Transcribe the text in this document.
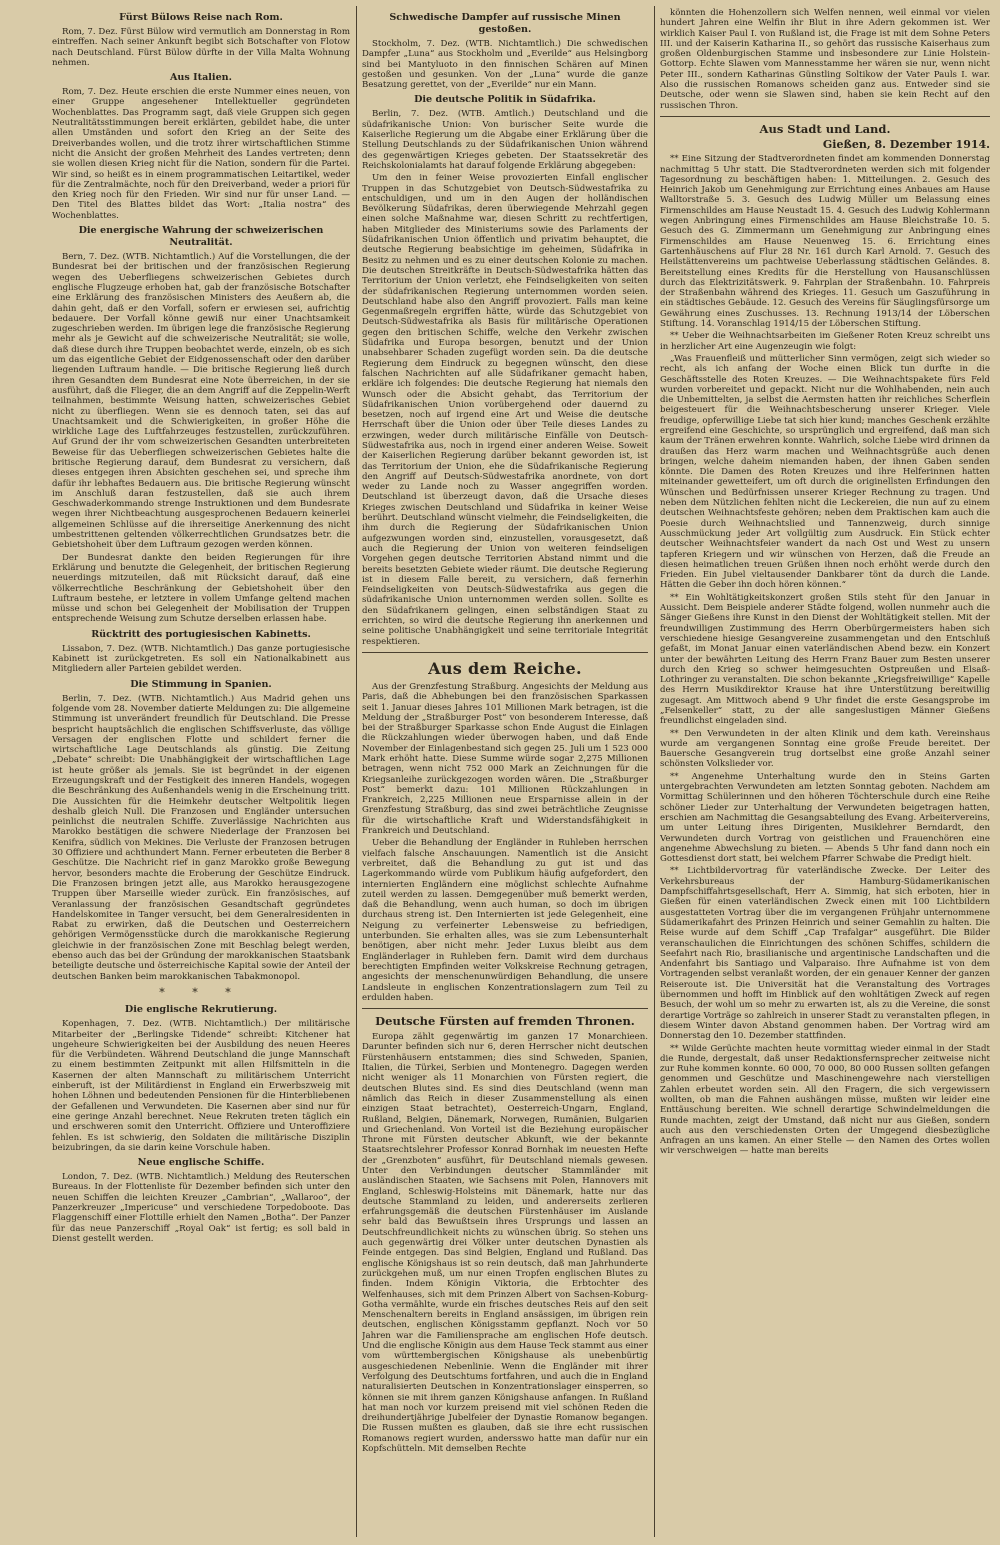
Fürst Bülows Reise nach Rom.

Rom, 7. Dez. Fürst Bülow wird vermutlich am Donnerstag in Rom eintreffen. Nach seiner Ankunft begibt sich Botschafter von Flotow nach Deutschland. Fürst Bülow dürfte in der Villa Malta Wohnung nehmen.

Aus Italien.

Rom, 7. Dez. Heute erschien die erste Nummer eines neuen, von einer Gruppe angesehener Intellektueller gegründeten Wochenblattes. Das Programm sagt, daß viele Gruppen sich gegen Neutralitätsstimmungen bereit erklärten, gebildet habe, die unter allen Umständen und sofort den Krieg an der Seite des Dreiverbandes wollen, und die trotz ihrer wirtschaftlichen Stimme nicht die Ansicht der großen Mehrheit des Landes vertreten; denn sie wollen diesen Krieg nicht für die Nation, sondern für die Partei. Wir sind, so heißt es in einem programmatischen Leitartikel, weder für die Zentralmächte, noch für den Dreiverband, weder a priori für den Krieg noch für den Frieden. Wir sind nur für unser Land. — Den Titel des Blattes bildet das Wort: „Italia nostra“ des Wochenblattes.

Die energische Wahrung der schweizerischen Neutralität.

Bern, 7. Dez. (WTB. Nichtamtlich.) Auf die Vorstellungen, die der Bundesrat bei der britischen und der französischen Regierung wegen des Ueberfliegens schweizerischen Gebietes durch englische Flugzeuge erhoben hat, gab der französische Botschafter eine Erklärung des französischen Ministers des Aeußern ab, die dahin geht, daß er den Vorfall, sofern er erwiesen sei, aufrichtig bedauere. Der Vorfall könne gewiß nur einer Unachtsamkeit zugeschrieben werden. Im übrigen lege die französische Regierung mehr als je Gewicht auf die schweizerische Neutralität; sie wolle, daß diese durch ihre Truppen beobachtet werde, einzeln, ob es sich um das eigentliche Gebiet der Eidgenossenschaft oder den darüber liegenden Luftraum handle. — Die britische Regierung ließ durch ihren Gesandten dem Bundesrat eine Note überreichen, in der sie ausführt, daß die Flieger, die an dem Angriff auf die Zeppelin-Werft teilnahmen, bestimmte Weisung hatten, schweizerisches Gebiet nicht zu überfliegen. Wenn sie es dennoch taten, sei das auf Unachtsamkeit und die Schwierigkeiten, in großer Höhe die wirkliche Lage des Luftfahrzeuges festzustellen, zurückzuführen. Auf Grund der ihr vom schweizerischen Gesandten unterbreiteten Beweise für das Ueberfliegen schweizerischen Gebietes halte die britische Regierung darauf, dem Bundesrat zu versichern, daß dieses entgegen ihren Absichten geschehen sei, und spreche ihm dafür ihr lebhaftes Bedauern aus. Die britische Regierung wünscht im Anschluß daran festzustellen, daß sie auch ihrem Geschwaderkommando strenge Instruktionen und dem Bundesrate wegen ihrer Nichtbeachtung ausgesprochenen Bedauern keinerlei allgemeinen Schlüsse auf die ihrerseitige Anerkennung des nicht umbestrittenen geltenden völkerrechtlichen Grundsatzes betr. die Gebietshoheit über dem Luftraum gezogen werden können.

Der Bundesrat dankte den beiden Regierungen für ihre Erklärung und benutzte die Gelegenheit, der britischen Regierung neuerdings mitzuteilen, daß mit Rücksicht darauf, daß eine völkerrechtliche Beschränkung der Gebietshoheit über den Luftraum bestehe, er letztere in vollem Umfange geltend machen müsse und schon bei Gelegenheit der Mobilisation der Truppen entsprechende Weisung zum Schutze derselben erlassen habe.

Rücktritt des portugiesischen Kabinetts.

Lissabon, 7. Dez. (WTB. Nichtamtlich.) Das ganze portugiesische Kabinett ist zurückgetreten. Es soll ein Nationalkabinett aus Mitgliedern aller Parteien gebildet werden.

Die Stimmung in Spanien.

Berlin, 7. Dez. (WTB. Nichtamtlich.) Aus Madrid gehen uns folgende vom 28. November datierte Meldungen zu: Die allgemeine Stimmung ist unverändert freundlich für Deutschland. Die Presse bespricht hauptsächlich die englischen Schiffsverluste, das völlige Versagen der englischen Flotte und schildert ferner die wirtschaftliche Lage Deutschlands als günstig. Die Zeitung „Debate“ schreibt: Die Unabhängigkeit der wirtschaftlichen Lage ist heute größer als jemals. Sie ist begründet in der eigenen Erzeugungskraft und der Festigkeit des inneren Handels, wogegen die Beschränkung des Außenhandels wenig in die Erscheinung tritt. Die Aussichten für die Heimkehr deutscher Weltpolitik liegen deshalb gleich Null. Die Franzosen und Engländer untersuchen peinlichst die neutralen Schiffe. Zuverlässige Nachrichten aus Marokko bestätigen die schwere Niederlage der Franzosen bei Kenifra, südlich von Mekines. Die Verluste der Franzosen betrugen 30 Offiziere und achthundert Mann. Ferner erbeuteten die Berber 8 Geschütze. Die Nachricht rief in ganz Marokko große Bewegung hervor, besonders machte die Eroberung der Geschütze Eindruck. Die Franzosen bringen jetzt alle, aus Marokko herausgezogene Truppen über Marseille wieder zurück. Ein französisches, auf Veranlassung der französischen Gesandtschaft gegründetes Handelskomitee in Tanger versucht, bei dem Generalresidenten in Rabat zu erwirken, daß die Deutschen und Oesterreichern gehörigen Vermögensstücke durch die marokkanische Regierung gleichwie in der französischen Zone mit Beschlag belegt werden, ebenso auch das bei der Gründung der marokkanischen Staatsbank beteiligte deutsche und österreichische Kapital sowie der Anteil der deutschen Banken beim marokkanischen Tabakmonopol.

* * *
Die englische Rekrutierung.

Kopenhagen, 7. Dez. (WTB. Nichtamtlich.) Der militärische Mitarbeiter der „Berlingske Tidende“ schreibt: Kitchener hat ungeheure Schwierigkeiten bei der Ausbildung des neuen Heeres für die Verbündeten. Während Deutschland die junge Mannschaft zu einem bestimmten Zeitpunkt mit allen Hilfsmitteln in die Kasernen der alten Mannschaft zu militärischem Unterricht einberuft, ist der Militärdienst in England ein Erwerbszweig mit hohen Löhnen und bedeutenden Pensionen für die Hinterbliebenen der Gefallenen und Verwundeten. Die Kasernen aber sind nur für eine geringe Anzahl berechnet. Neue Rekruten treten täglich ein und erschweren somit den Unterricht. Offiziere und Unteroffiziere fehlen. Es ist schwierig, den Soldaten die militärische Disziplin beizubringen, da sie darin keine Vorschule haben.

Neue englische Schiffe.

London, 7. Dez. (WTB. Nichtamtlich.) Meldung des Reuterschen Bureaus. In der Flottenliste für Dezember befinden sich unter den neuen Schiffen die leichten Kreuzer „Cambrian“, „Wallaroo“, der Panzerkreuzer „Impericuse“ und verschiedene Torpedoboote. Das Flaggenschiff einer Flottille erhielt den Namen „Botha“. Der Panzer für das neue Panzerschiff „Royal Oak“ ist fertig; es soll bald in Dienst gestellt werden.

Schwedische Dampfer auf russische Minen gestoßen.

Stockholm, 7. Dez. (WTB. Nichtamtlich.) Die schwedischen Dampfer „Luna“ aus Stockholm und „Everilde“ aus Helsingborg sind bei Mantyluoto in den finnischen Schären auf Minen gestoßen und gesunken. Von der „Luna“ wurde die ganze Besatzung gerettet, von der „Everilde“ nur ein Mann.

Die deutsche Politik in Südafrika.

Berlin, 7. Dez. (WTB. Amtlich.) Deutschland und die südafrikanische Union: Von burischer Seite wurde die Kaiserliche Regierung um die Abgabe einer Erklärung über die Stellung Deutschlands zu der Südafrikanischen Union während des gegenwärtigen Krieges gebeten. Der Staatssekretär des Reichskolonialamts hat darauf folgende Erklärung abgegeben:

Um den in feiner Weise provozierten Einfall englischer Truppen in das Schutzgebiet von Deutsch-Südwestafrika zu entschuldigen, und um in den Augen der holländischen Bevölkerung Südafrikas, deren überwiegende Mehrzahl gegen einen solche Maßnahme war, diesen Schritt zu rechtfertigen, haben Mitglieder des Ministeriums sowie des Parlaments der Südafrikanischen Union öffentlich und privatim behauptet, die deutsche Regierung beabsichtige im geheimen, Südafrika in Besitz zu nehmen und es zu einer deutschen Kolonie zu machen. Die deutschen Streitkräfte in Deutsch-Südwestafrika hätten das Territorium der Union verletzt, ehe Feindseligkeiten von seiten der südafrikanischen Regierung unternommen worden seien. Deutschland habe also den Angriff provoziert. Falls man keine Gegenmaßregeln ergriffen hätte, würde das Schutzgebiet von Deutsch-Südwestafrika als Basis für militärische Operationen gegen den britischen Schiffe, welche den Verkehr zwischen Südafrika und Europa besorgen, benutzt und der Union unabsehbarer Schaden zugefügt worden sein. Da die deutsche Regierung dem Eindruck zu begegnen wünscht, den diese falschen Nachrichten auf alle Südafrikaner gemacht haben, erkläre ich folgendes: Die deutsche Regierung hat niemals den Wunsch oder die Absicht gehabt, das Territorium der Südafrikanischen Union vorübergehend oder dauernd zu besetzen, noch auf irgend eine Art und Weise die deutsche Herrschaft über die Union oder über Teile dieses Landes zu erzwingen, weder durch militärische Einfälle von Deutsch-Südwestafrika aus, noch in irgend einer anderen Weise. Soweit der Kaiserlichen Regierung darüber bekannt geworden ist, ist das Territorium der Union, ehe die Südafrikanische Regierung den Angriff auf Deutsch-Südwestafrika anordnete, von dort weder zu Lande noch zu Wasser angegriffen worden. Deutschland ist überzeugt davon, daß die Ursache dieses Krieges zwischen Deutschland und Südafrika in keiner Weise berührt. Deutschland wünscht vielmehr, die Feindseligkeiten, die ihm durch die Regierung der Südafrikanischen Union aufgezwungen worden sind, einzustellen, vorausgesetzt, daß auch die Regierung der Union von weiteren feindseligen Vorgehen gegen deutsche Territorien Abstand nimmt und die bereits besetzten Gebiete wieder räumt. Die deutsche Regierung ist in diesem Falle bereit, zu versichern, daß fernerhin Feindseligkeiten von Deutsch-Südwestafrika aus gegen die südafrikanische Union unternommen werden sollen. Sollte es den Südafrikanern gelingen, einen selbständigen Staat zu errichten, so wird die deutsche Regierung ihn anerkennen und seine politische Unabhängigkeit und seine territoriale Integrität respektieren.

Aus dem Reiche.

Aus der Grenzfestung Straßburg. Angesichts der Meldung aus Paris, daß die Abhebungen bei den französischen Sparkassen seit 1. Januar dieses Jahres 101 Millionen Mark betragen, ist die Meldung der „Straßburger Post“ von besonderem Interesse, daß bei der Straßburger Sparkasse schon Ende August die Einlagen die Rückzahlungen wieder überwogen haben, und daß Ende November der Einlagenbestand sich gegen 25. Juli um 1 523 000 Mark erhöht hatte. Diese Summe würde sogar 2,275 Millionen betragen, wenn nicht 752 000 Mark an Zeichnungen für die Kriegsanleihe zurückgezogen worden wären. Die „Straßburger Post“ bemerkt dazu: 101 Millionen Rückzahlungen in Frankreich, 2,225 Millionen neue Ersparnisse allein in der Grenzfestung Straßburg, das sind zwei beträchtliche Zeugnisse für die wirtschaftliche Kraft und Widerstandsfähigkeit in Frankreich und Deutschland.

Ueber die Behandlung der Engländer in Ruhleben herrschen vielfach falsche Anschauungen. Namentlich ist die Ansicht verbreitet, daß die Behandlung zu gut ist und das Lagerkommando würde vom Publikum häufig aufgefordert, den internierten Engländern eine möglichst schlechte Aufnahme zuteil werden zu lassen. Demgegenüber muß bemerkt werden, daß die Behandlung, wenn auch human, so doch im übrigen durchaus streng ist. Den Internierten ist jede Gelegenheit, eine Neigung zu verfeinerter Lebensweise zu befriedigen, unterbunden. Sie erhalten alles, was sie zum Lebensunterhalt benötigen, aber nicht mehr. Jeder Luxus bleibt aus dem Engländerlager in Ruhleben fern. Damit wird dem durchaus berechtigten Empfinden weiter Volkskreise Rechnung getragen, angesichts der menschenunwürdigen Behandlung, die unsere Landsleute in englischen Konzentrationslagern zum Teil zu erdulden haben.

Deutsche Fürsten auf fremden Thronen.

Europa zählt gegenwärtig im ganzen 17 Monarchieen. Darunter befinden sich nur 6, deren Herrscher nicht deutschen Fürstenhäusern entstammen; dies sind Schweden, Spanien, Italien, die Türkei, Serbien und Montenegro. Dagegen werden nicht weniger als 11 Monarchien von Fürsten regiert, die deutschen Blutes sind. Es sind dies Deutschland (wenn man nämlich das Reich in dieser Zusammenstellung als einen einzigen Staat betrachtet), Oesterreich-Ungarn, England, Rußland, Belgien, Dänemark, Norwegen, Rumänien, Bulgarien und Griechenland. Von Vorteil ist die Beziehung europäischer Throne mit Fürsten deutscher Abkunft, wie der bekannte Staatsrechtslehrer Professor Konrad Bornhak im neuesten Hefte der „Grenzboten“ ausführt, für Deutschland niemals gewesen. Unter den Verbindungen deutscher Stammländer mit ausländischen Staaten, wie Sachsens mit Polen, Hannovers mit England, Schleswig-Holsteins mit Dänemark, hatte nur das deutsche Stammland zu leiden, und andererseits zerlieren erfahrungsgemäß die deutschen Fürstenhäuser im Auslande sehr bald das Bewußtsein ihres Ursprungs und lassen an Deutschfreundlichkeit nichts zu wünschen übrig. So stehen uns auch gegenwärtig drei Völker unter deutschen Dynastien als Feinde entgegen. Das sind Belgien, England und Rußland. Das englische Königshaus ist so rein deutsch, daß man Jahrhunderte zurückgehen muß, um nur einen Tropfen englischen Blutes zu finden. Indem Königin Viktoria, die Erbtochter des Welfenhauses, sich mit dem Prinzen Albert von Sachsen-Koburg-Gotha vermählte, wurde ein frisches deutsches Reis auf den seit Menschenaltern bereits in England ansässigen, im übrigen rein deutschen, englischen Königsstamm gepflanzt. Noch vor 50 Jahren war die Familiensprache am englischen Hofe deutsch. Und die englische Königin aus dem Hause Teck stammt aus einer vom württembergischen Königshause als unebenbürtig ausgeschiedenen Nebenlinie. Wenn die Engländer mit ihrer Verfolgung des Deutschtums fortfahren, und auch die in England naturalisierten Deutschen in Konzentrationslager einsperren, so können sie mit ihrem ganzen Königshause anfangen. In Rußland hat man noch vor kurzem preisend mit viel schönen Reden die dreihundertjährige Jubelfeier der Dynastie Romanow begangen. Die Russen mußten es glauben, daß sie ihre echt russischen Romanows regiert wurden, andersswo hatte man dafür nur ein Kopfschütteln. Mit demselben Rechte

könnten die Hohenzollern sich Welfen nennen, weil einmal vor vielen hundert Jahren eine Welfin ihr Blut in ihre Adern gekommen ist. Wer wirklich Kaiser Paul I. von Rußland ist, die Frage ist mit dem Sohne Peters III. und der Kaiserin Katharina II., so gehört das russische Kaiserhaus zum großen Oldenburgischen Stamme und insbesondere zur Linie Holstein-Gottorp. Echte Slawen vom Mannesstamme her wären sie nur, wenn nicht Peter III., sondern Katharinas Günstling Soltikow der Vater Pauls I. war. Also die russischen Romanows scheiden ganz aus. Entweder sind sie Deutsche, oder wenn sie Slawen sind, haben sie kein Recht auf den russischen Thron.

Aus Stadt und Land.
Gießen, 8. Dezember 1914.

** Eine Sitzung der Stadtverordneten findet am kommenden Donnerstag nachmittag 5 Uhr statt. Die Stadtverordneten werden sich mit folgender Tagesordnung zu beschäftigen haben: 1. Mitteilungen. 2. Gesuch des Heinrich Jakob um Genehmigung zur Errichtung eines Anbaues am Hause Walltorstraße 5. 3. Gesuch des Ludwig Müller um Belassung eines Firmenschildes am Hause Neustadt 15. 4. Gesuch des Ludwig Kohlermann wegen Anbringung eines Firmenschildes am Hause Bleichstraße 10. 5. Gesuch des G. Zimmermann um Genehmigung zur Anbringung eines Firmenschildes am Hause Neuenweg 15. 6. Errichtung eines Gartenhäuschens auf Flur 28 Nr. 161 durch Karl Arnold. 7. Gesuch des Heilstättenvereins um pachtweise Ueberlassung städtischen Geländes. 8. Bereitstellung eines Kredits für die Herstellung von Hausanschlüssen durch das Elektrizitätswerk. 9. Fahrplan der Straßenbahn. 10. Fahrpreis der Straßenbahn während des Krieges. 11. Gesuch um Gaszuführung in ein städtisches Gebäude. 12. Gesuch des Vereins für Säuglingsfürsorge um Gewährung eines Zuschusses. 13. Rechnung 1913/14 der Löberschen Stiftung. 14. Voranschlag 1914/15 der Löberschen Stiftung.

** Ueber die Weihnachtsarbeiten im Gießener Roten Kreuz schreibt uns in herzlicher Art eine Augenzeugin wie folgt:

„Was Frauenfleiß und mütterlicher Sinn vermögen, zeigt sich wieder so recht, als ich anfang der Woche einen Blick tun durfte in die Geschäftsstelle des Roten Kreuzes. — Die Weihnachtspakete fürs Feld wurden vorbereitet und gepackt. Nicht nur die Wohlhabenden, nein auch die Unbemittelten, ja selbst die Aermsten hatten ihr reichliches Scherflein beigesteuert für die Weihnachtsbescherung unserer Krieger. Viele freudige, opferwillige Liebe tat sich hier kund; manches Geschenk erzählte ergreifend eine Geschichte, so ursprünglich und ergreifend, daß man sich kaum der Tränen erwehren konnte. Wahrlich, solche Liebe wird drinnen da draußen das Herz warm machen und Weihnachtsgrüße auch denen bringen, welche daheim niemanden haben, der ihnen Gaben senden könnte. Die Damen des Roten Kreuzes und ihre Helferinnen hatten miteinander gewetteifert, um oft durch die originellsten Erfindungen den Wünschen und Bedürfnissen unserer Krieger Rechnung zu tragen. Und neben dem Nützlichen fehlten nicht die Leckereien, die nun auf zu einem deutschen Weihnachtsfeste gehören; neben dem Praktischen kam auch die Poesie durch Weihnachtslied und Tannenzweig, durch sinnige Ausschmückung jeder Art vollgültig zum Ausdruck. Ein Stück echter deutscher Weihnachtsfeier wandert da nach Ost und West zu unsern tapferen Kriegern und wir wünschen von Herzen, daß die Freude an diesen heimatlichen treuen Grüßen ihnen noch erhöht werde durch den Frieden. Ein Jubel vieltausender Dankbarer tönt da durch die Lande. Hätten die Geber ihn doch hören können.“

** Ein Wohltätigkeitskonzert großen Stils steht für den Januar in Aussicht. Dem Beispiele anderer Städte folgend, wollen nunmehr auch die Sänger Gießens ihre Kunst in den Dienst der Wohltätigkeit stellen. Mit der freundwilligen Zustimmung des Herrn Oberbürgermeisters haben sich verschiedene hiesige Gesangvereine zusammengetan und den Entschluß gefaßt, im Monat Januar einen vaterländischen Abend bezw. ein Konzert unter der bewährten Leitung des Herrn Franz Bauer zum Besten unserer durch den Krieg so schwer heimgesuchten Ostpreußen und Elsaß-Lothringer zu veranstalten. Die schon bekannte „Kriegsfreiwillige“ Kapelle des Herrn Musikdirektor Krause hat ihre Unterstützung bereitwillig zugesagt. Am Mittwoch abend 9 Uhr findet die erste Gesangsprobe im „Felsenkeller“ statt, zu der alle sangeslustigen Männer Gießens freundlichst eingeladen sind.

** Den Verwundeten in der alten Klinik und dem kath. Vereinshaus wurde am vergangenen Sonntag eine große Freude bereitet. Der Bauersche Gesangverein trug dortselbst eine große Anzahl seiner schönsten Volkslieder vor.

** Angenehme Unterhaltung wurde den in Steins Garten untergebrachten Verwundeten am letzten Sonntag geboten. Nachdem am Vormittag Schülerinnen und den höheren Töchterschule durch eine Reihe schöner Lieder zur Unterhaltung der Verwundeten beigetragen hatten, erschien am Nachmittag die Gesangsabteilung des Evang. Arbeitervereins, um unter Leitung ihres Dirigenten, Musiklehrer Berndardt, den Verwundeten durch Vortrag von geistlichen und Frauenchören eine angenehme Abwechslung zu bieten. — Abends 5 Uhr fand dann noch ein Gottesdienst dort statt, bei welchem Pfarrer Schwabe die Predigt hielt.

** Lichtbildervortrag für vaterländische Zwecke. Der Leiter des Verkehrsbureaus der Hamburg-Südamerikanischen Dampfschiffahrtsgesellschaft, Herr A. Simmig, hat sich erboten, hier in Gießen für einen vaterländischen Zweck einen mit 100 Lichtbildern ausgestatteten Vortrag über die im vergangenen Frühjahr unternommene Südamerikafahrt des Prinzen Heinrich und seiner Gemahlin zu halten. Die Reise wurde auf dem Schiff „Cap Trafalgar“ ausgeführt. Die Bilder veranschaulichen die Einrichtungen des schönen Schiffes, schildern die Seefahrt nach Rio, brasilianische und argentinische Landschaften und die Andenfahrt bis Santiago und Valparaiso. Ihre Aufnahme ist von dem Vortragenden selbst veranlaßt worden, der ein genauer Kenner der ganzen Reiseroute ist. Die Universität hat die Veranstaltung des Vortrages übernommen und hofft im Hinblick auf den wohltätigen Zweck auf regen Besuch, der wohl um so mehr zu erwarten ist, als zu die Vereine, die sonst derartige Vorträge so zahlreich in unserer Stadt zu veranstalten pflegen, in diesem Winter davon Abstand genommen haben. Der Vortrag wird am Donnerstag den 10. Dezember stattfinden.

** Wilde Gerüchte machten heute vormittag wieder einmal in der Stadt die Runde, dergestalt, daß unser Redaktionsfernsprecher zeitweise nicht zur Ruhe kommen konnte. 60 000, 70 000, 80 000 Russen sollten gefangen genommen und Geschütze und Maschinengewehre nach vierstelligen Zahlen erbeutet worden sein. All den Fragern, die sich vergewissern wollten, ob man die Fahnen aushängen müsse, mußten wir leider eine Enttäuschung bereiten. Wie schnell derartige Schwindelmeldungen die Runde machten, zeigt der Umstand, daß nicht nur aus Gießen, sondern auch aus den verschiedensten Orten der Umgegend diesbezügliche Anfragen an uns kamen. An einer Stelle — den Namen des Ortes wollen wir verschweigen — hatte man bereits
